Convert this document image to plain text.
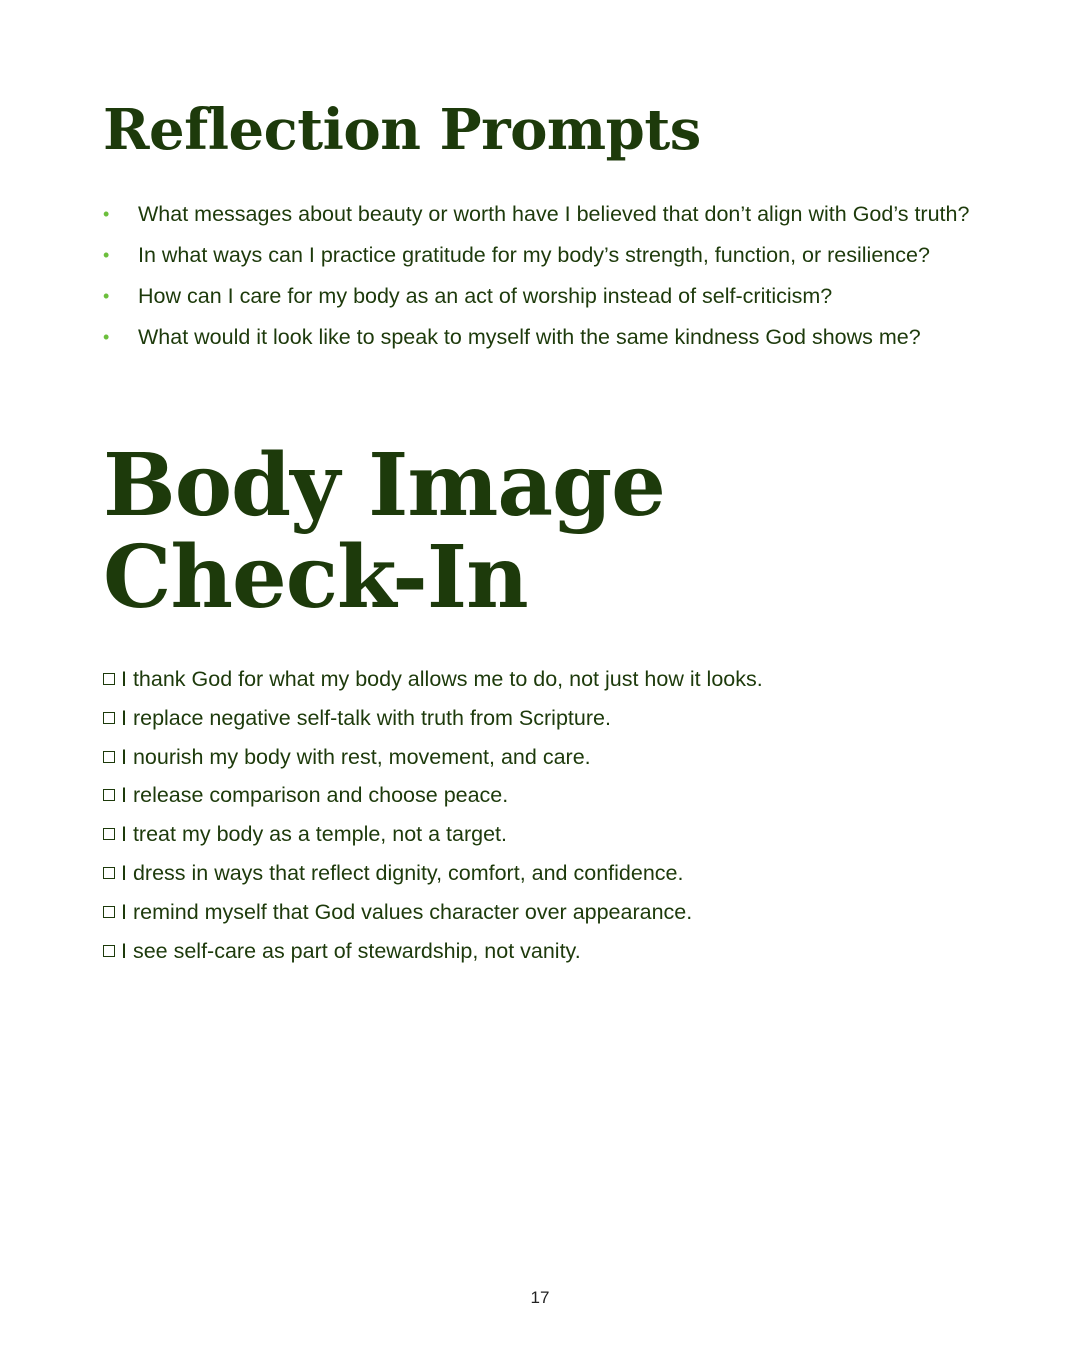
Reflection Prompts
• What messages about beauty or worth have I believed that don’t align with God’s truth?
• In what ways can I practice gratitude for my body’s strength, function, or resilience?
• How can I care for my body as an act of worship instead of self-criticism?
• What would it look like to speak to myself with the same kindness God shows me?
Body Image Check-In
I thank God for what my body allows me to do, not just how it looks.
I replace negative self-talk with truth from Scripture.
I nourish my body with rest, movement, and care.
I release comparison and choose peace.
I treat my body as a temple, not a target.
I dress in ways that reflect dignity, comfort, and confidence.
I remind myself that God values character over appearance.
I see self-care as part of stewardship, not vanity.
17
